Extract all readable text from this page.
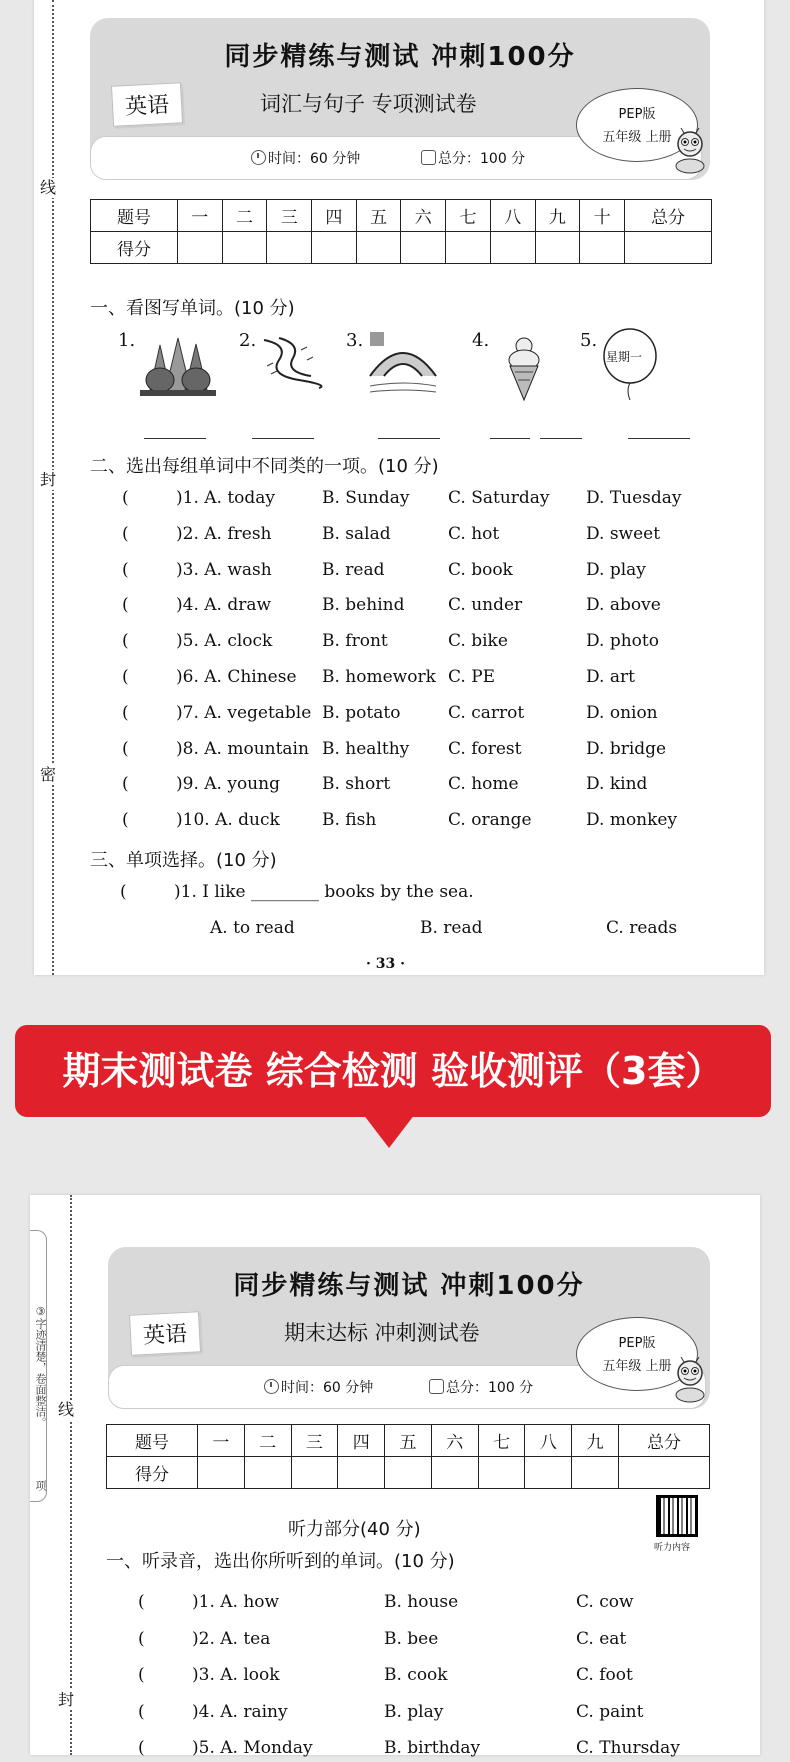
线
封
密
同步精练与测试 冲刺100分
英语	词汇与句子 专项测试卷
时间：60 分钟	总分：100 分
PEP版
五年级 上册
题号	一	二	三	四	五	六	七	八	九	十	总分
得分											
一、看图写单词。(10 分)
1.	2.	3.	4.	5.
星期一
二、选出每组单词中不同类的一项。(10 分)
(	)1. A. today	B. Sunday C. Saturday D. Tuesday
(	)2. A. fresh	B. salad	C. hot	D. sweet
(	)3. A. wash	B. read	C. book	D. play
(	)4. A. draw	B. behind	C. under	D. above
(	)5. A. clock	B. front	C. bike	D. photo
(	)6. A. Chinese B. homework C. PE	D. art
(	)7. A. vegetable B. potato	C. carrot	D. onion
(	)8. A. mountain B. healthy C. forest	D. bridge
(	)9. A. young B. short	C. home	D. kind
(	)10. A. duck B. fish	C. orange	D. monkey
三、单项选择。(10 分)
(	)1. I like ________ books by the sea.
A. to read	B. read	C. reads
· 33 ·
期末测试卷 综合检测 验收测评（3套）
③字迹清楚，卷面整洁。
项
线
封
同步精练与测试 冲刺100分
英语	期末达标 冲刺测试卷
时间：60 分钟	总分：100 分
PEP版
五年级 上册
题号	一	二	三	四	五	六	七	八	九	总分
得分										
听力部分(40 分)
听力内容
一、听录音，选出你所听到的单词。(10 分)
(	)1. A. how	B. house	C. cow
(	)2. A. tea	B. bee	C. eat
(	)3. A. look	B. cook	C. foot
(	)4. A. rainy	B. play	C. paint
(	)5. A. Monday	B. birthday	C. Thursday
